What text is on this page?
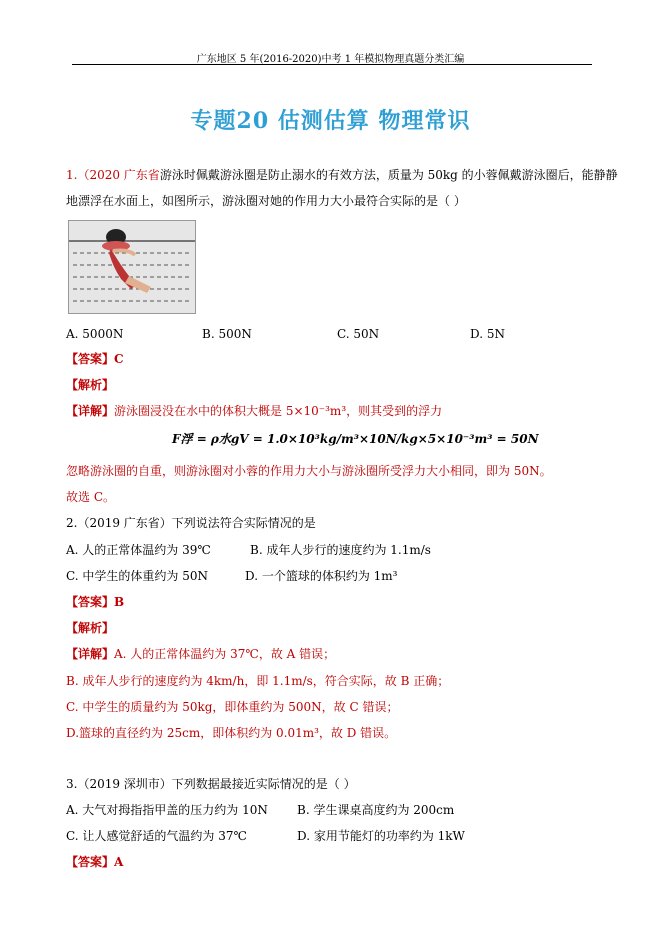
广东地区 5 年(2016-2020)中考 1 年模拟物理真题分类汇编
专题20 估测估算 物理常识
1.（2020 广东省游泳时佩戴游泳圈是防止溺水的有效方法，质量为 50kg 的小蓉佩戴游泳圈后，能静静
地漂浮在水面上，如图所示，游泳圈对她的作用力大小最符合实际的是（ ）
A. 5000N	B. 500N	C. 50N	D. 5N
【答案】C
【解析】
【详解】游泳圈浸没在水中的体积大概是 5×10⁻³m³，则其受到的浮力
F浮 = ρ水gV = 1.0×10³kg/m³×10N/kg×5×10⁻³m³ = 50N
忽略游泳圈的自重，则游泳圈对小蓉的作用力大小与游泳圈所受浮力大小相同，即为 50N。
故选 C。
2.（2019 广东省）下列说法符合实际情况的是
A. 人的正常体温约为 39℃	B. 成年人步行的速度约为 1.1m/s
C. 中学生的体重约为 50N	D. 一个篮球的体积约为 1m³
【答案】B
【解析】
【详解】A. 人的正常体温约为 37℃，故 A 错误；
B. 成年人步行的速度约为 4km/h，即 1.1m/s，符合实际，故 B 正确；
C. 中学生的质量约为 50kg，即体重约为 500N，故 C 错误；
D.篮球的直径约为 25cm，即体积约为 0.01m³，故 D 错误。
3.（2019 深圳市）下列数据最接近实际情况的是（ ）
A. 大气对拇指指甲盖的压力约为 10N B. 学生课桌高度约为 200cm
C. 让人感觉舒适的气温约为 37℃	D. 家用节能灯的功率约为 1kW
【答案】A
